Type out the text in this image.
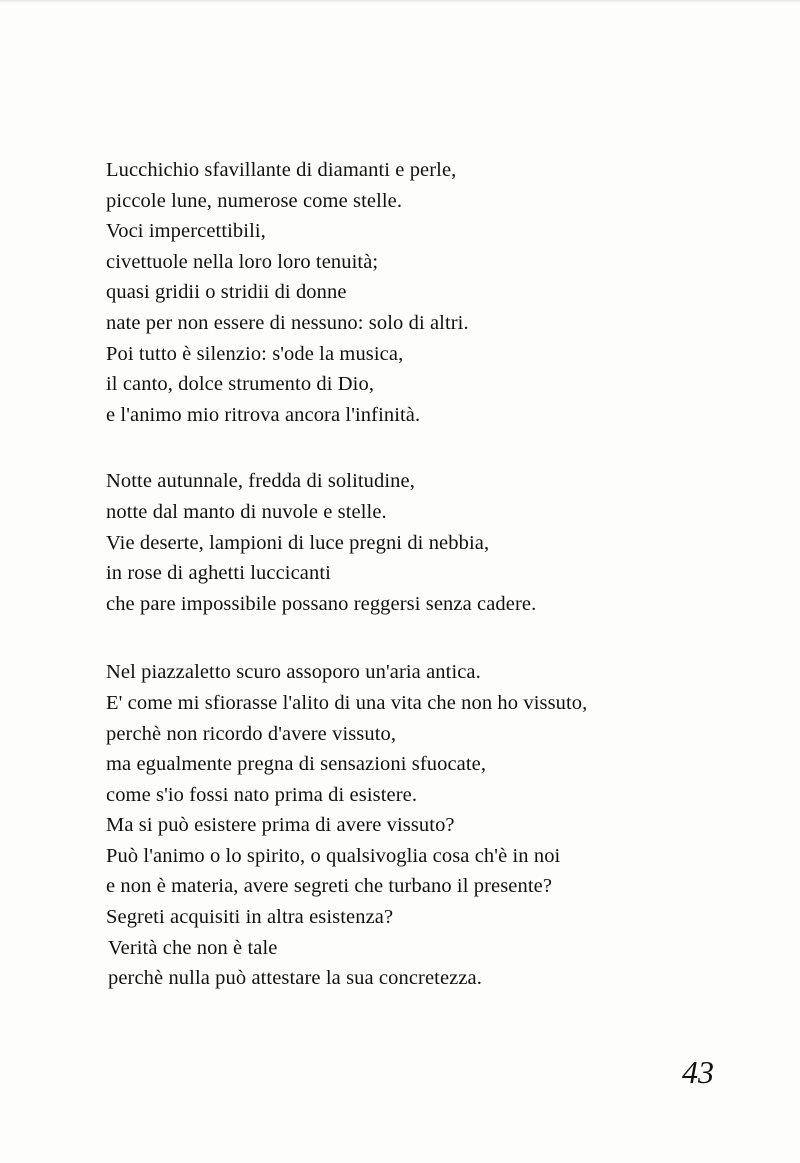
Lucchichio sfavillante di diamanti e perle,
piccole lune, numerose come stelle.
Voci impercettibili,
civettuole nella loro loro tenuità;
quasi gridii o stridii di donne
nate per non essere di nessuno: solo di altri.
Poi tutto è silenzio: s'ode la musica,
il canto, dolce strumento di Dio,
e l'animo mio ritrova ancora l'infinità.
Notte autunnale, fredda di solitudine,
notte dal manto di nuvole e stelle.
Vie deserte, lampioni di luce pregni di nebbia,
in rose di aghetti luccicanti
che pare impossibile possano reggersi senza cadere.
Nel piazzaletto scuro assoporo un'aria antica.
E' come mi sfiorasse l'alito di una vita che non ho vissuto,
perchè non ricordo d'avere vissuto,
ma egualmente pregna di sensazioni sfuocate,
come s'io fossi nato prima di esistere.
Ma si può esistere prima di avere vissuto?
Può l'animo o lo spirito, o qualsivoglia cosa ch'è in noi
e non è materia, avere segreti che turbano il presente?
Segreti acquisiti in altra esistenza?
Verità che non è tale
perchè nulla può attestare la sua concretezza.
43
